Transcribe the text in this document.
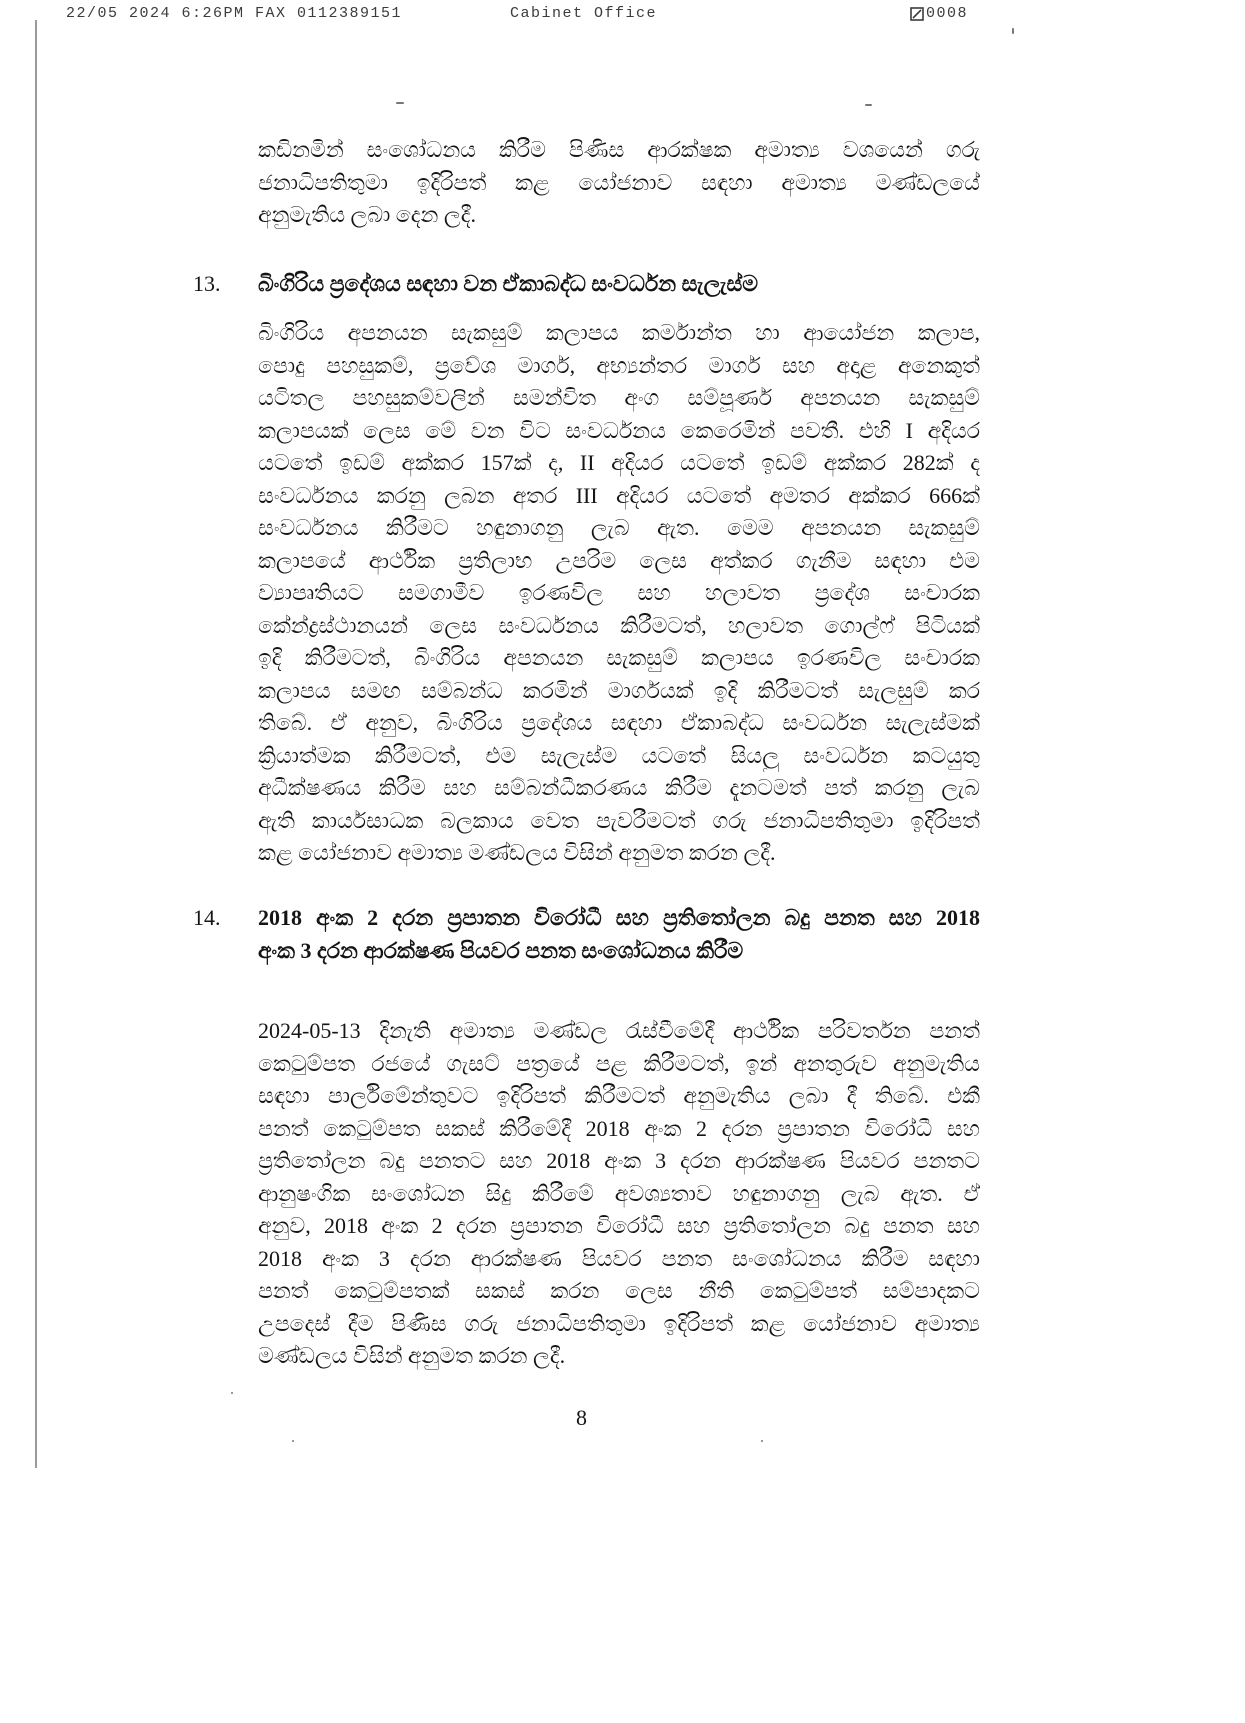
22/05 2024 6:26PM FAX 0112389151	Cabinet Office	0008
කඩිනමින් සංශෝධනය කිරීම පිණිස ආරක්ෂක අමාත්‍ය වශයෙන් ගරු
ජනාධිපතිතුමා ඉදිරිපත් කළ යෝජනාව සඳහා අමාත්‍ය මණ්ඩලයේ
අනුමැතිය ලබා දෙන ලදී.
13. බිංගිරිය ප්‍රදේශය සඳහා වන ඒකාබද්ධ සංවර්ධන සැලැස්ම
බිංගිරිය අපනයන සැකසුම් කලාපය කර්මාන්ත හා ආයෝජන කලාප,
පොදු පහසුකම්, ප්‍රවේශ මාර්ග, අභ්‍යන්තර මාර්ග සහ අදාළ අනෙකුත්
යටිතල පහසුකම්වලින් සමන්විත අංග සම්පූර්ණ අපනයන සැකසුම්
කලාපයක් ලෙස මේ වන විට සංවර්ධනය කෙරෙමින් පවතී. එහි I අදියර
යටතේ ඉඩම් අක්කර 157ක් ද, II අදියර යටතේ ඉඩම් අක්කර 282ක් ද
සංවර්ධනය කරනු ලබන අතර III අදියර යටතේ අමතර අක්කර 666ක්
සංවර්ධනය කිරීමට හඳුනාගනු ලැබ ඇත. මෙම අපනයන සැකසුම්
කලාපයේ ආර්ථික ප්‍රතිලාභ උපරිම ලෙස අත්කර ගැනීම සඳහා එම
ව්‍යාපෘතියට සමගාමීව ඉරණවිල සහ හලාවත ප්‍රදේශ සංචාරක
කේන්ද්‍රස්ථානයන් ලෙස සංවර්ධනය කිරීමටත්, හලාවත ගොල්ෆ් පිටියක්
ඉදි කිරීමටත්, බිංගිරිය අපනයන සැකසුම් කලාපය ඉරණවිල සංචාරක
කලාපය සමඟ සම්බන්ධ කරමින් මාර්ගයක් ඉදි කිරීමටත් සැලසුම් කර
තිබේ. ඒ අනුව, බිංගිරිය ප්‍රදේශය සඳහා ඒකාබද්ධ සංවර්ධන සැලැස්මක්
ක්‍රියාත්මක කිරීමටත්, එම සැලැස්ම යටතේ සියලු සංවර්ධන කටයුතු
අධීක්ෂණය කිරීම සහ සම්බන්ධීකරණය කිරීම දැනටමත් පත් කරනු ලැබ
ඇති කාර්යසාධක බලකාය වෙත පැවරීමටත් ගරු ජනාධිපතිතුමා ඉදිරිපත්
කළ යෝජනාව අමාත්‍ය මණ්ඩලය විසින් අනුමත කරන ලදී.
14. 2018 අංක 2 දරන ප්‍රපාතන විරෝධී සහ ප්‍රතිතෝලන බදු පනත සහ 2018
අංක 3 දරන ආරක්ෂණ පියවර පනත සංශෝධනය කිරීම
2024-05-13 දිනැති අමාත්‍ය මණ්ඩල රැස්වීමේදී ආර්ථික පරිවර්තන පනත්
කෙටුම්පත රජයේ ගැසට් පත්‍රයේ පළ කිරීමටත්, ඉන් අනතුරුව අනුමැතිය
සඳහා පාර්ලිමේන්තුවට ඉදිරිපත් කිරීමටත් අනුමැතිය ලබා දී තිබේ. එකී
පනත් කෙටුම්පත සකස් කිරීමේදී 2018 අංක 2 දරන ප්‍රපාතන විරෝධී සහ
ප්‍රතිතෝලන බදු පනතට සහ 2018 අංක 3 දරන ආරක්ෂණ පියවර පනතට
ආනුෂංගික සංශෝධන සිදු කිරීමේ අවශ්‍යතාව හඳුනාගනු ලැබ ඇත. ඒ
අනුව, 2018 අංක 2 දරන ප්‍රපාතන විරෝධී සහ ප්‍රතිතෝලන බදු පනත සහ
2018 අංක 3 දරන ආරක්ෂණ පියවර පනත සංශෝධනය කිරීම සඳහා
පනත් කෙටුම්පතක් සකස් කරන ලෙස නීති කෙටුම්පත් සම්පාදකට
උපදෙස් දීම පිණිස ගරු ජනාධිපතිතුමා ඉදිරිපත් කළ යෝජනාව අමාත්‍ය
මණ්ඩලය විසින් අනුමත කරන ලදී.
8
